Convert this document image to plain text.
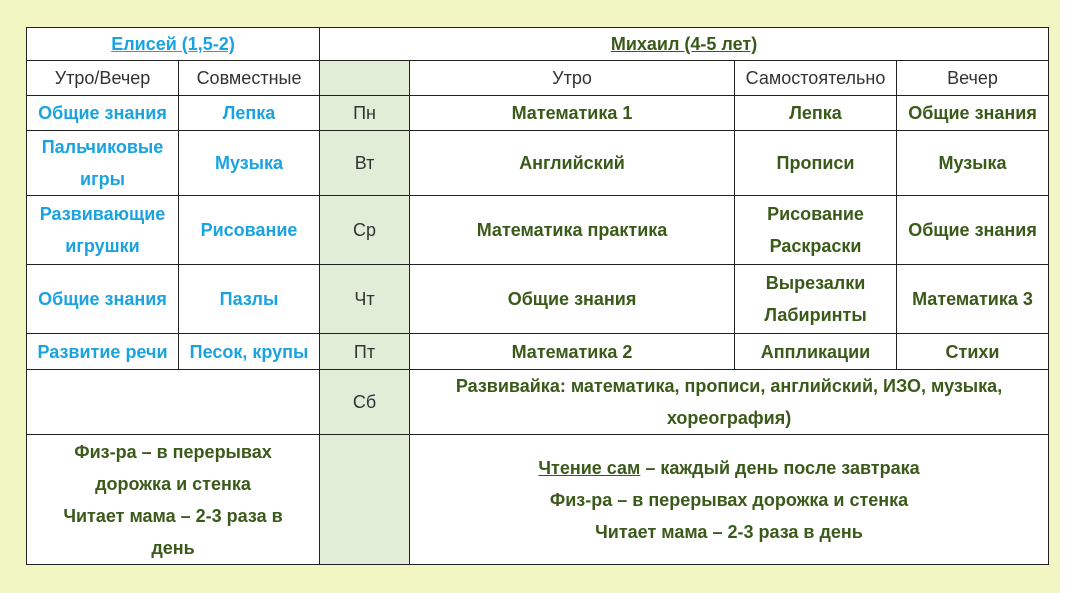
Елисей (1,5-2)		Михаил (4-5 лет)			
Утро/Вечер	Совместные		Утро	Самостоятельно	Вечер

Общие знания	Лепка	Пн	Математика 1	Лепка	Общие знания

Пальчиковые
игры	Музыка	Вт	Английский	Прописи	Музыка

Развивающие
игрушки	Рисование	Ср	Математика практика	Рисование
Раскраски	Общие знания

Общие знания	Пазлы	Чт	Общие знания	Вырезалки
Лабиринты	Математика 3

Развитие речи	Песок, крупы	Пт	Математика 2	Аппликации	Стихи

		Сб	Развивайка: математика, прописи, английский, ИЗО, музыка,
хореография)		

Физ-ра – в перерывах
дорожка и стенка
Читает мама – 2-3 раза в
день			Чтение сам – каждый день после завтрака
Физ-ра – в перерывах дорожка и стенка
Читает мама – 2-3 раза в день		
